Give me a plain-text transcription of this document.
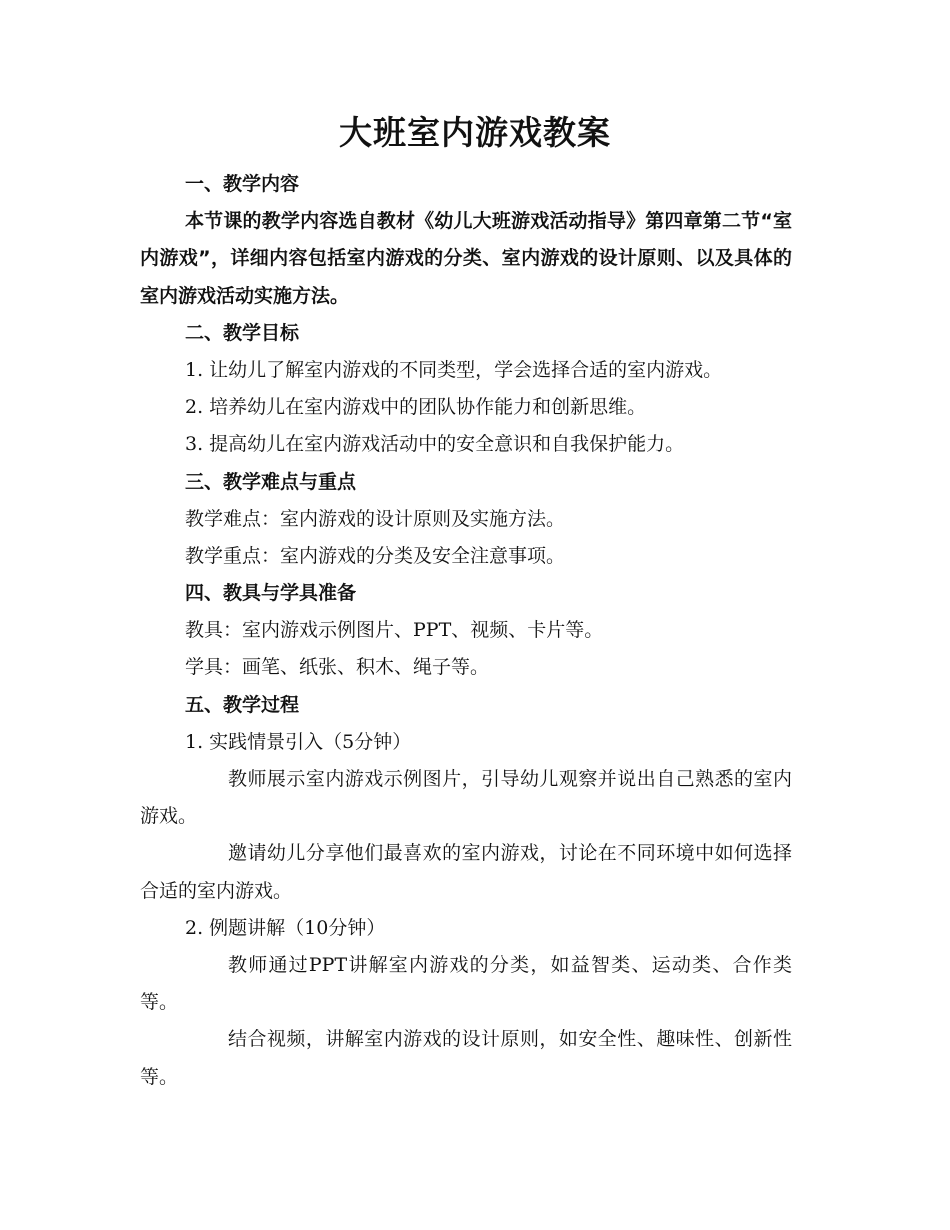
大班室内游戏教案
一、教学内容
本节课的教学内容选自教材《幼儿大班游戏活动指导》第四章第二节“室内游戏”，详细内容包括室内游戏的分类、室内游戏的设计原则、以及具体的室内游戏活动实施方法。
二、教学目标
1. 让幼儿了解室内游戏的不同类型，学会选择合适的室内游戏。
2. 培养幼儿在室内游戏中的团队协作能力和创新思维。
3. 提高幼儿在室内游戏活动中的安全意识和自我保护能力。
三、教学难点与重点
教学难点：室内游戏的设计原则及实施方法。
教学重点：室内游戏的分类及安全注意事项。
四、教具与学具准备
教具：室内游戏示例图片、PPT、视频、卡片等。
学具：画笔、纸张、积木、绳子等。
五、教学过程
1. 实践情景引入（5分钟）
教师展示室内游戏示例图片，引导幼儿观察并说出自己熟悉的室内游戏。
邀请幼儿分享他们最喜欢的室内游戏，讨论在不同环境中如何选择合适的室内游戏。
2. 例题讲解（10分钟）
教师通过PPT讲解室内游戏的分类，如益智类、运动类、合作类等。
结合视频，讲解室内游戏的设计原则，如安全性、趣味性、创新性等。
